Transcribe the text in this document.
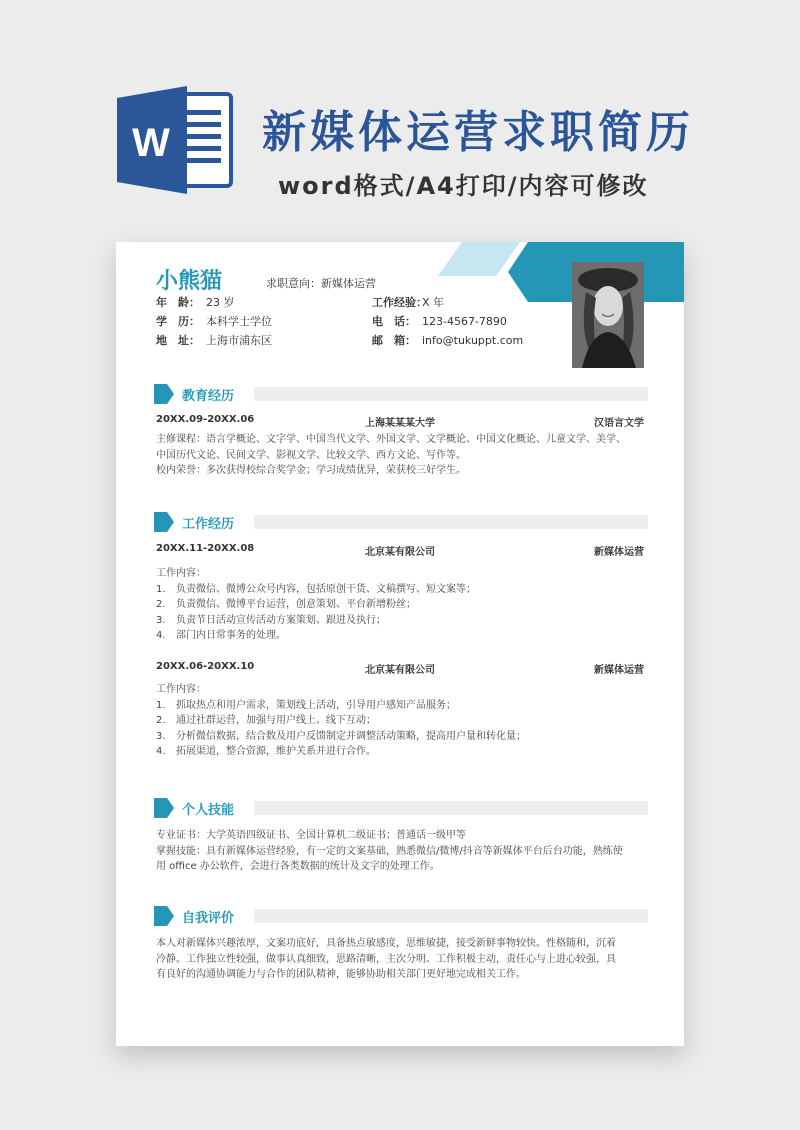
W 新媒体运营求职简历
word格式/A4打印/内容可修改
小熊猫	求职意向：新媒体运营
年　龄： 23 岁
学　历： 本科学士学位
地　址： 上海市浦东区
工作经验：X 年
电　话： 123-4567-7890
邮　箱： info@tukuppt.com
教育经历
20XX.09-20XX.06	上海某某某大学	汉语言文学
主修课程：语言学概论、文字学、中国当代文学、外国文学、文学概论、中国文化概论、儿童文学、美学、
中国历代文论、民间文学、影视文学、比较文学、西方文论、写作等。
校内荣誉：多次获得校综合奖学金；学习成绩优异，荣获校三好学生。
工作经历
20XX.11-20XX.08	北京某有限公司	新媒体运营
工作内容：
1. 负责微信、微博公众号内容，包括原创干货、文稿撰写、短文案等；
2. 负责微信、微博平台运营，创意策划、平台新增粉丝；
3. 负责节日活动宣传活动方案策划、跟进及执行；
4. 部门内日常事务的处理。
20XX.06-20XX.10	北京某有限公司	新媒体运营
工作内容：
1. 抓取热点和用户需求，策划线上活动，引导用户感知产品服务；
2. 通过社群运营，加强与用户线上、线下互动；
3. 分析微信数据，结合数及用户反馈制定并调整活动策略，提高用户量和转化量；
4. 拓展渠道，整合资源，维护关系并进行合作。
个人技能
专业证书：大学英语四级证书、全国计算机二级证书；普通话一级甲等
掌握技能：具有新媒体运营经验，有一定的文案基础，熟悉微信/微博/抖音等新媒体平台后台功能，熟练使
用 office 办公软件，会进行各类数据的统计及文字的处理工作。
自我评价
本人对新媒体兴趣浓厚，文案功底好，具备热点敏感度，思维敏捷，接受新鲜事物较快。性格随和，沉着
冷静。工作独立性较强，做事认真细致，思路清晰，主次分明。工作积极主动，责任心与上进心较强，具
有良好的沟通协调能力与合作的团队精神，能够协助相关部门更好地完成相关工作。
